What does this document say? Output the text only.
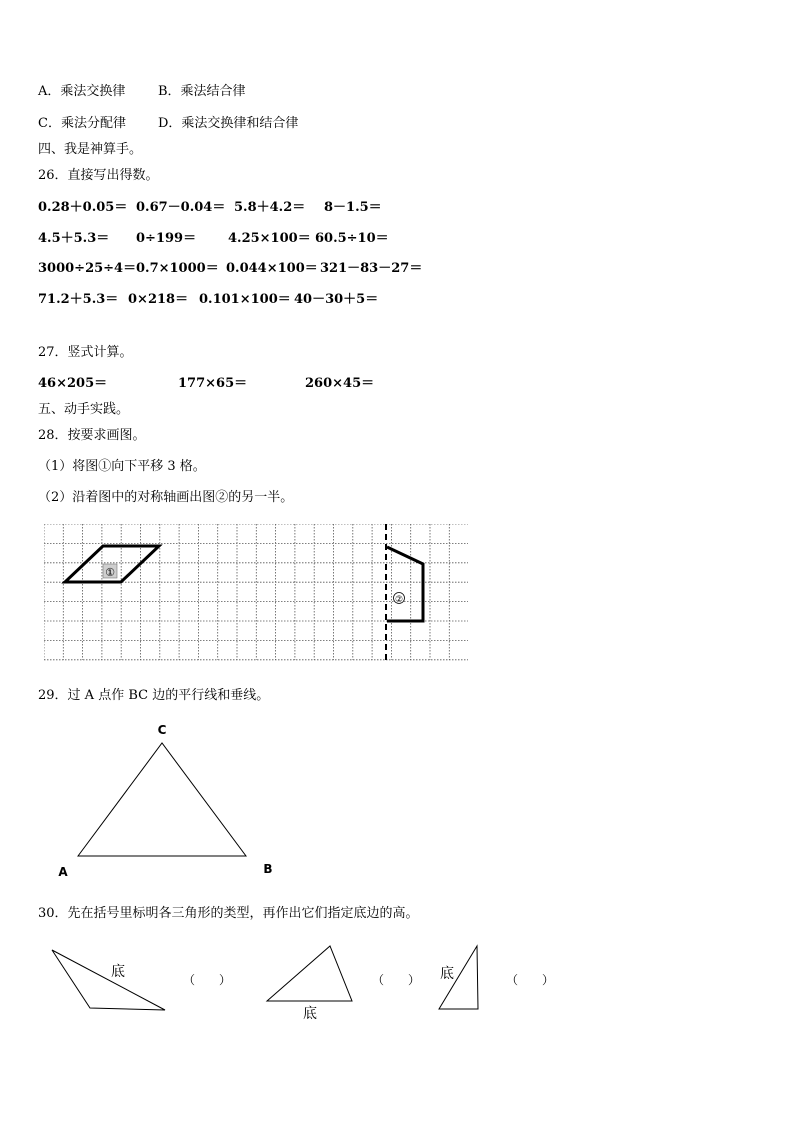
A．乘法交换律	B．乘法结合律
C．乘法分配律 D．乘法交换律和结合律
四、我是神算手。
26．直接写出得数。
0.28＋0.05＝ 0.67－0.04＝ 5.8＋4.2＝ 8－1.5＝
4.5＋5.3＝ 0÷199＝ 4.25×100＝ 60.5÷10＝
3000÷25÷4＝ 0.7×1000＝ 0.044×100＝ 321－83－27＝
71.2＋5.3＝ 0×218＝ 0.101×100＝ 40－30＋5＝
27．竖式计算。
46×205＝	177×65＝	260×45＝
五、动手实践。
28．按要求画图。
（1）将图①向下平移 3 格。
（2）沿着图中的对称轴画出图②的另一半。
①
②
29．过 A 点作 BC 边的平行线和垂线。
C
A	B
30．先在括号里标明各三角形的类型，再作出它们指定底边的高。
底	（　　）
底
（　　） 底	（　　）
